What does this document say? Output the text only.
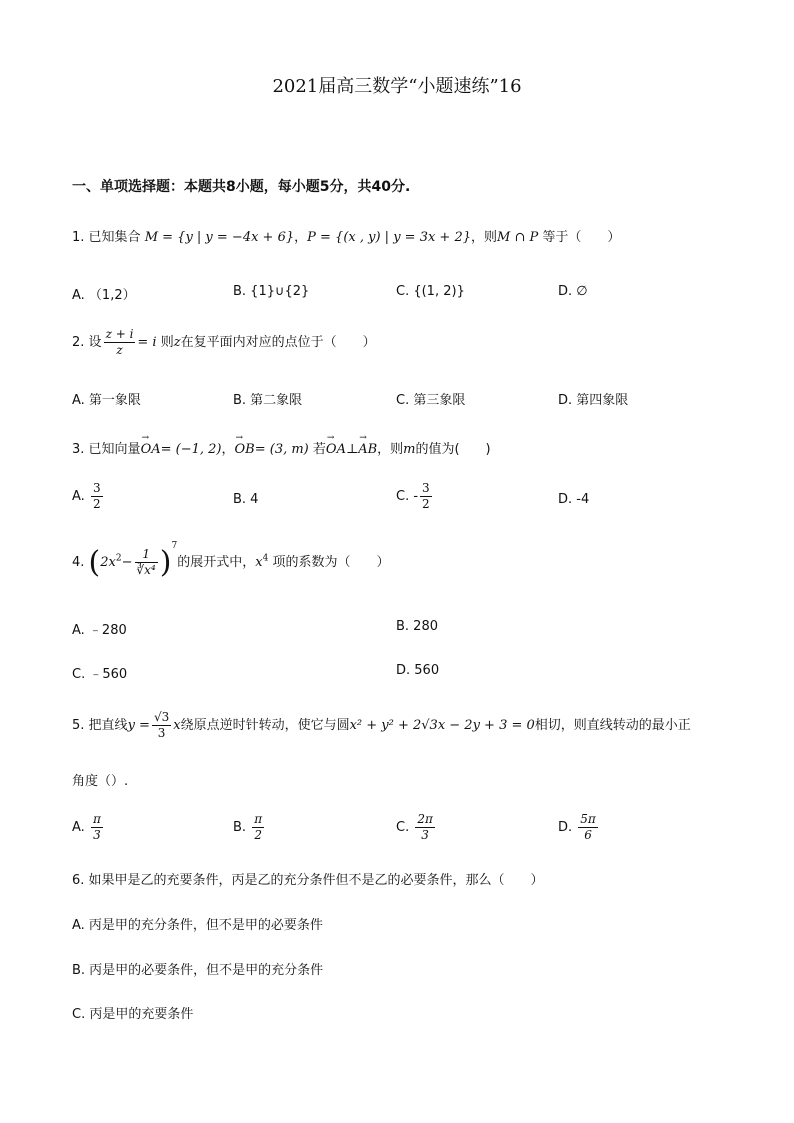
2021届高三数学“小题速练”16
一、单项选择题：本题共8小题，每小题5分，共40分.
1. 已知集合 M = {y | y = −4x + 6}，P = {(x , y) | y = 3x + 2}，则M ∩ P 等于（　　）
A. （1,2）	B. {1}∪{2}	C. {(1, 2)}	D. ∅
2. 设 $\frac{z + i}{z} = i$ 则z在复平面内对应的点位于（　　）
A. 第一象限	B. 第二象限	C. 第三象限	D. 第四象限
3. 已知向量→ OA= (−1, 2)，→ OB= (3, m) 若→ OA⊥→ AB，则m的值为(　　)
A. $\frac{3}{2}$	B. 4	C. - $\frac{3}{2}$	D. -4
4. $(2x^2- \frac{1}{\text{∛x⁴}} )^7$的展开式中，$x^4$ 项的系数为（　　）
A. ﹣280	B. 280
C. ﹣560	D. 560
5. 把直线$y = \frac{√3}{3}$ x绕原点逆时针转动，使它与圆x² + y² + 2√3x − 2y + 3 = 0相切，则直线转动的最小正
角度（）.
A. $\frac{\pi}{3}$	B. $\frac{\pi}{2}$	C. $\frac{2\pi}{3}$	D. $\frac{5\pi}{6}$
6. 如果甲是乙的充要条件，丙是乙的充分条件但不是乙的必要条件，那么（　　）
A. 丙是甲的充分条件，但不是甲的必要条件
B. 丙是甲的必要条件，但不是甲的充分条件
C. 丙是甲的充要条件
